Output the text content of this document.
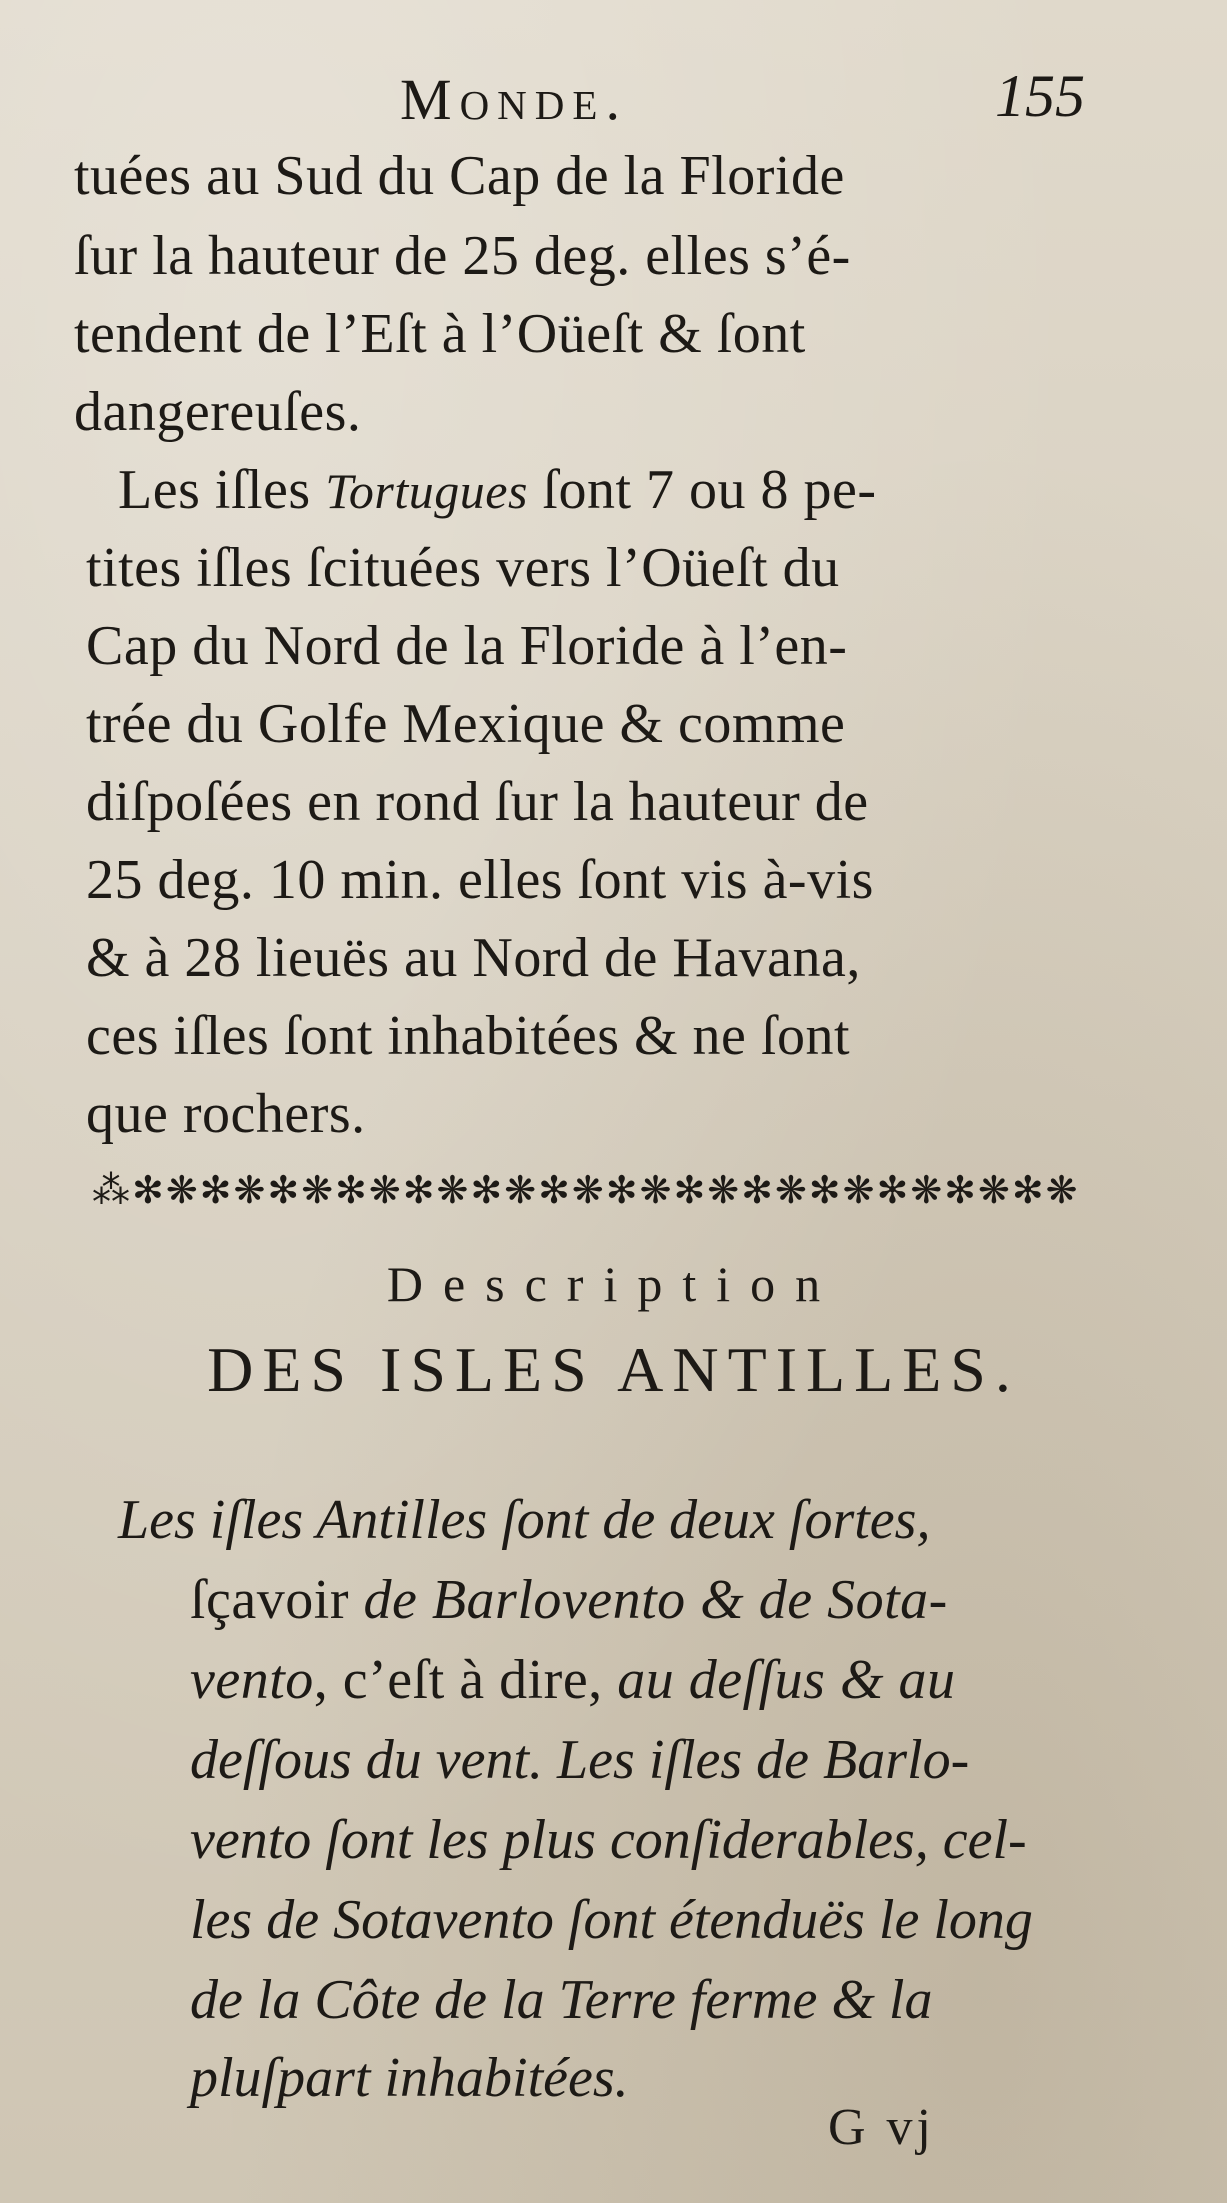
Monde.	155
tuées au Sud du Cap de la Floride
ſur la hauteur de 25 deg. elles s’é-
tendent de l’Eſt à l’Oüeſt & ſont
dangereuſes.
Les iſles Tortugues ſont 7 ou 8 pe-
tites iſles ſcituées vers l’Oüeſt du
Cap du Nord de la Floride à l’en-
trée du Golfe Mexique & comme
diſpoſées en rond ſur la hauteur de
25 deg. 10 min. elles ſont vis à-vis
& à 28 lieuës au Nord de Havana,
ces iſles ſont inhabitées & ne ſont
que rochers.
⁂✻❋✻❋✻❋✻❋✻❋✻❋✻❋✻❋✻❋✻❋✻❋✻❋✻❋✻❋
Description
DES ISLES ANTILLES.
Les iſles Antilles ſont de deux ſortes,
ſçavoir de Barlovento & de Sota-
vento, c’eſt à dire, au deſſus & au
deſſous du vent. Les iſles de Barlo-
vento ſont les plus conſiderables, cel-
les de Sotavento ſont étenduës le long
de la Côte de la Terre ferme & la
pluſpart inhabitées.
G vj
